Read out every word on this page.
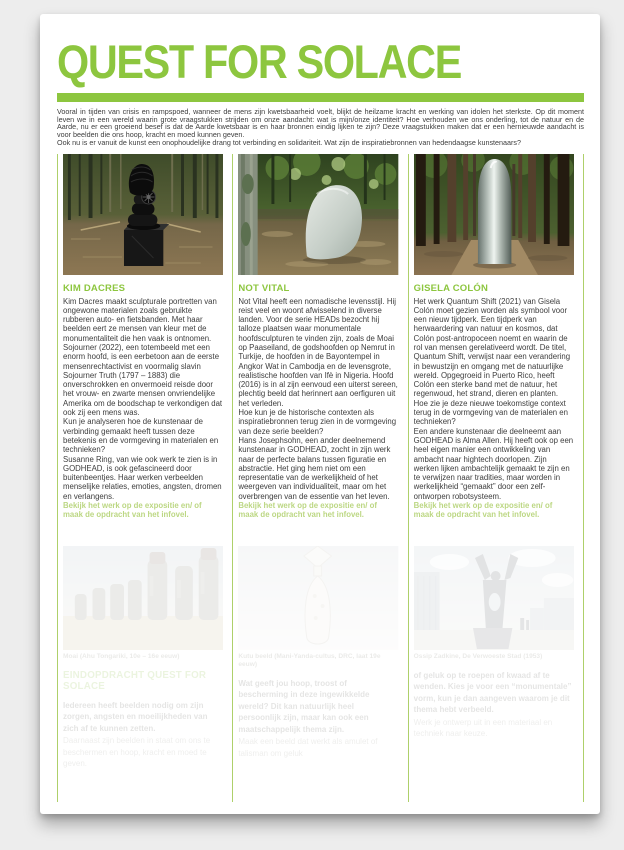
QUEST FOR SOLACE

Vooral in tijden van crisis en rampspoed, wanneer de mens zijn kwetsbaarheid voelt, blijkt de heilzame kracht en werking van idolen het sterkste. Op dit moment leven we in een wereld waarin grote vraagstukken strijden om onze aandacht: wat is mijn/onze identiteit? Hoe verhouden we ons onderling, tot de natuur en de Aarde, nu er een groeiend besef is dat de Aarde kwetsbaar is en haar bronnen eindig lijken te zijn? Deze vraagstukken maken dat er een hernieuwde aandacht is voor beelden die ons hoop, kracht en moed kunnen geven.

Ook nu is er vanuit de kunst een onophoudelijke drang tot verbinding en solidariteit. Wat zijn de inspiratiebronnen van hedendaagse kunstenaars?

KIM DACRES

Kim Dacres maakt sculpturale portretten van ongewone materialen zoals gebruikte rubberen auto- en fietsbanden. Met haar beelden eert ze mensen van kleur met de monumentaliteit die hen vaak is ontnomen. Sojourner (2022), een totembeeld met een enorm hoofd, is een eerbetoon aan de eerste mensenrechtactivist en voormalig slavin Sojourner Truth (1797 – 1883) die onverschrokken en onvermoeid reisde door het vrouw- en zwarte mensen onvriendelijke Amerika om de boodschap te verkondigen dat ook zij een mens was.

Kun je analyseren hoe de kunstenaar de verbinding gemaakt heeft tussen deze betekenis en de vormgeving in materialen en technieken?

Susanne Ring, van wie ook werk te zien is in GODHEAD, is ook gefascineerd door buitenbeentjes. Haar werken verbeelden menselijke relaties, emoties, angsten, dromen en verlangens.

Bekijk het werk op de expositie en/ of maak de opdracht van het infovel.

Moai (Ahu Tongariki, 10e – 16e eeuw)
EINDOPDRACHT QUEST FOR SOLACE

Iedereen heeft beelden nodig om zijn zorgen, angsten en moeilijkheden van zich af te kunnen zetten.

Daarnaast zijn beelden in staat om ons te beschermen en hoop, kracht en moed te geven.

NOT VITAL

Not Vital heeft een nomadische levensstijl. Hij reist veel en woont afwisselend in diverse landen. Voor de serie HEADs bezocht hij talloze plaatsen waar monumentale hoofdsculpturen te vinden zijn, zoals de Moai op Paaseiland, de godshoofden op Nemrut in Turkije, de hoofden in de Bayontempel in Angkor Wat in Cambodja en de levensgrote, realistische hoofden van Ifè in Nigeria. Hoofd (2016) is in al zijn eenvoud een uiterst sereen, plechtig beeld dat herinnert aan oerfiguren uit het verleden.

Hoe kun je de historische contexten als inspiratiebronnen terug zien in de vormgeving van deze serie beelden?

Hans Josephsohn, een ander deelnemend kunstenaar in GODHEAD, zocht in zijn werk naar de perfecte balans tussen figuratie en abstractie. Het ging hem niet om een representatie van de werkelijkheid of het weergeven van individualiteit, maar om het overbrengen van de essentie van het leven.

Bekijk het werk op de expositie en/ of maak de opdracht van het infovel.

Kutu beeld (Mani-Yanda-cultus, DRC, laat 19e eeuw)

Wat geeft jou hoop, troost of bescherming in deze ingewikkelde wereld? Dit kan natuurlijk heel persoonlijk zijn, maar kan ook een maatschappelijk thema zijn.

Maak een beeld dat werkt als amulet of talisman om geluk

GISELA COLÓN

Het werk Quantum Shift (2021) van Gisela Colón moet gezien worden als symbool voor een nieuw tijdperk. Een tijdperk van herwaardering van natuur en kosmos, dat Colón post-antropoceen noemt en waarin de rol van mensen gerelativeerd wordt. De titel, Quantum Shift, verwijst naar een verandering in bewustzijn en omgang met de natuurlijke wereld. Opgegroeid in Puerto Rico, heeft Colón een sterke band met de natuur, het regenwoud, het strand, dieren en planten.

Hoe zie je deze nieuwe toekomstige context terug in de vormgeving van de materialen en technieken?

Een andere kunstenaar die deelneemt aan GODHEAD is Alma Allen. Hij heeft ook op een heel eigen manier een ontwikkeling van ambacht naar hightech doorlopen. Zijn werken lijken ambachtelijk gemaakt te zijn en te verwijzen naar tradities, maar worden in werkelijkheid “gemaakt” door een zelf-ontworpen robotsysteem.

Bekijk het werk op de expositie en/ of maak de opdracht van het infovel.

Ossip Zadkine, De Verwoeste Stad (1953)

of geluk op te roepen of kwaad af te wenden. Kies je voor een “monumentale” vorm, kun je dan aangeven waarom je dit thema hebt verbeeld.

Werk je ontwerp uit in een materiaal en techniek naar keuze.
